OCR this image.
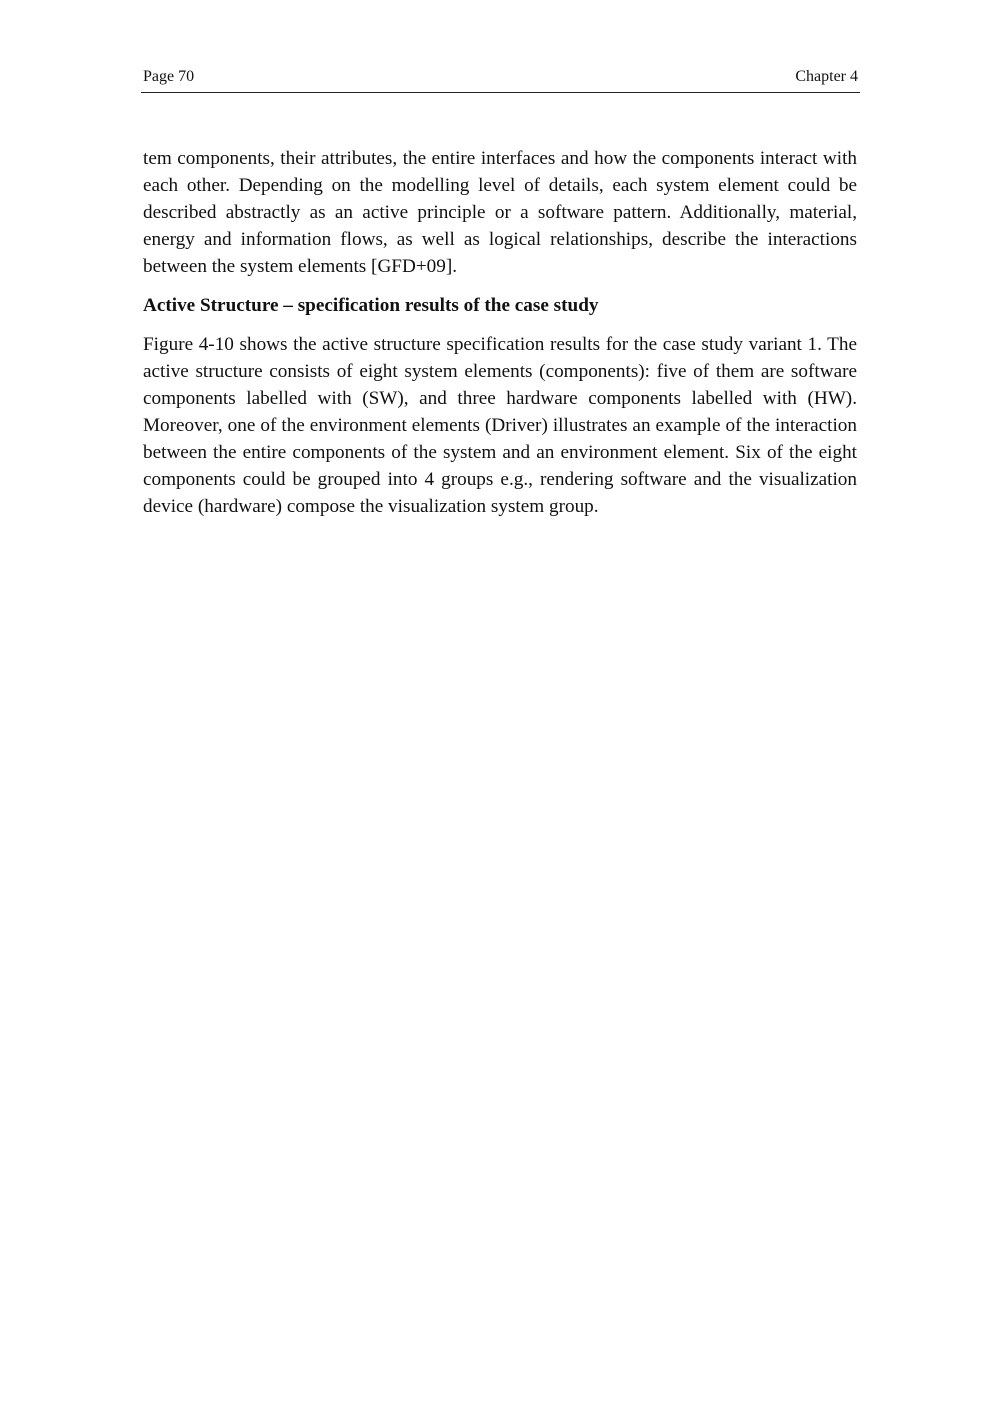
Page 70	Chapter 4

tem components, their attributes, the entire interfaces and how the components interact with each other. Depending on the modelling level of details, each system element could be described abstractly as an active principle or a software pattern. Additionally, material, energy and information flows, as well as logical relationships, describe the interactions between the system elements [GFD+09].

Active Structure – specification results of the case study

Figure 4-10 shows the active structure specification results for the case study variant 1. The active structure consists of eight system elements (components): five of them are software components labelled with (SW), and three hardware components labelled with (HW). Moreover, one of the environment elements (Driver) illustrates an example of the interaction between the entire components of the system and an environment element. Six of the eight components could be grouped into 4 groups e.g., rendering software and the visualization device (hardware) compose the visualization system group.
